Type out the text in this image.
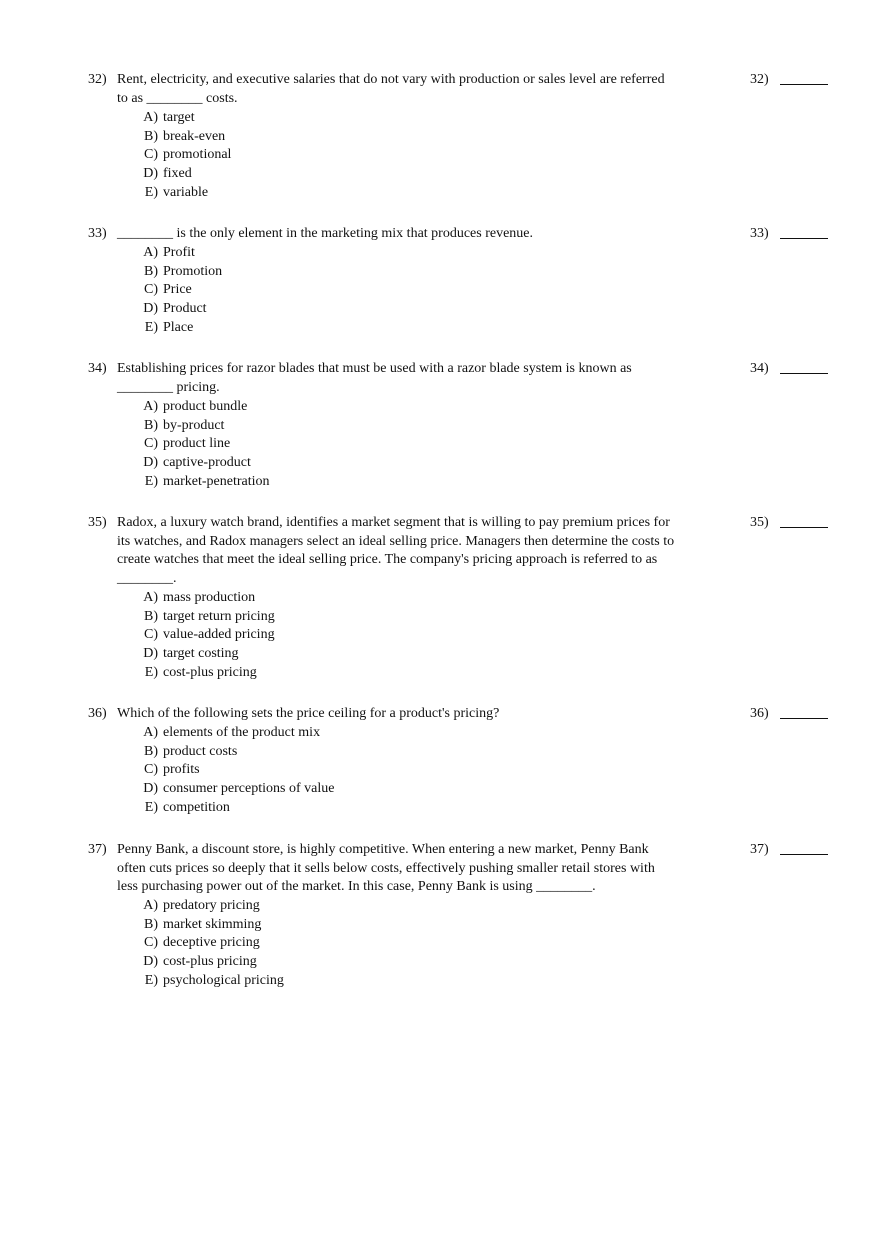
32) Rent, electricity, and executive salaries that do not vary with production or sales level are referred to as ________ costs.
A) target
B) break-even
C) promotional
D) fixed
E) variable
32)
33) ________ is the only element in the marketing mix that produces revenue.
A) Profit
B) Promotion
C) Price
D) Product
E) Place
33)
34) Establishing prices for razor blades that must be used with a razor blade system is known as ________ pricing.
A) product bundle
B) by-product
C) product line
D) captive-product
E) market-penetration
34)
35) Radox, a luxury watch brand, identifies a market segment that is willing to pay premium prices for its watches, and Radox managers select an ideal selling price. Managers then determine the costs to create watches that meet the ideal selling price. The company's pricing approach is referred to as ________.
A) mass production
B) target return pricing
C) value-added pricing
D) target costing
E) cost-plus pricing
35)
36) Which of the following sets the price ceiling for a product's pricing?
A) elements of the product mix
B) product costs
C) profits
D) consumer perceptions of value
E) competition
36)
37) Penny Bank, a discount store, is highly competitive. When entering a new market, Penny Bank often cuts prices so deeply that it sells below costs, effectively pushing smaller retail stores with less purchasing power out of the market. In this case, Penny Bank is using ________.
A) predatory pricing
B) market skimming
C) deceptive pricing
D) cost-plus pricing
E) psychological pricing
37)
